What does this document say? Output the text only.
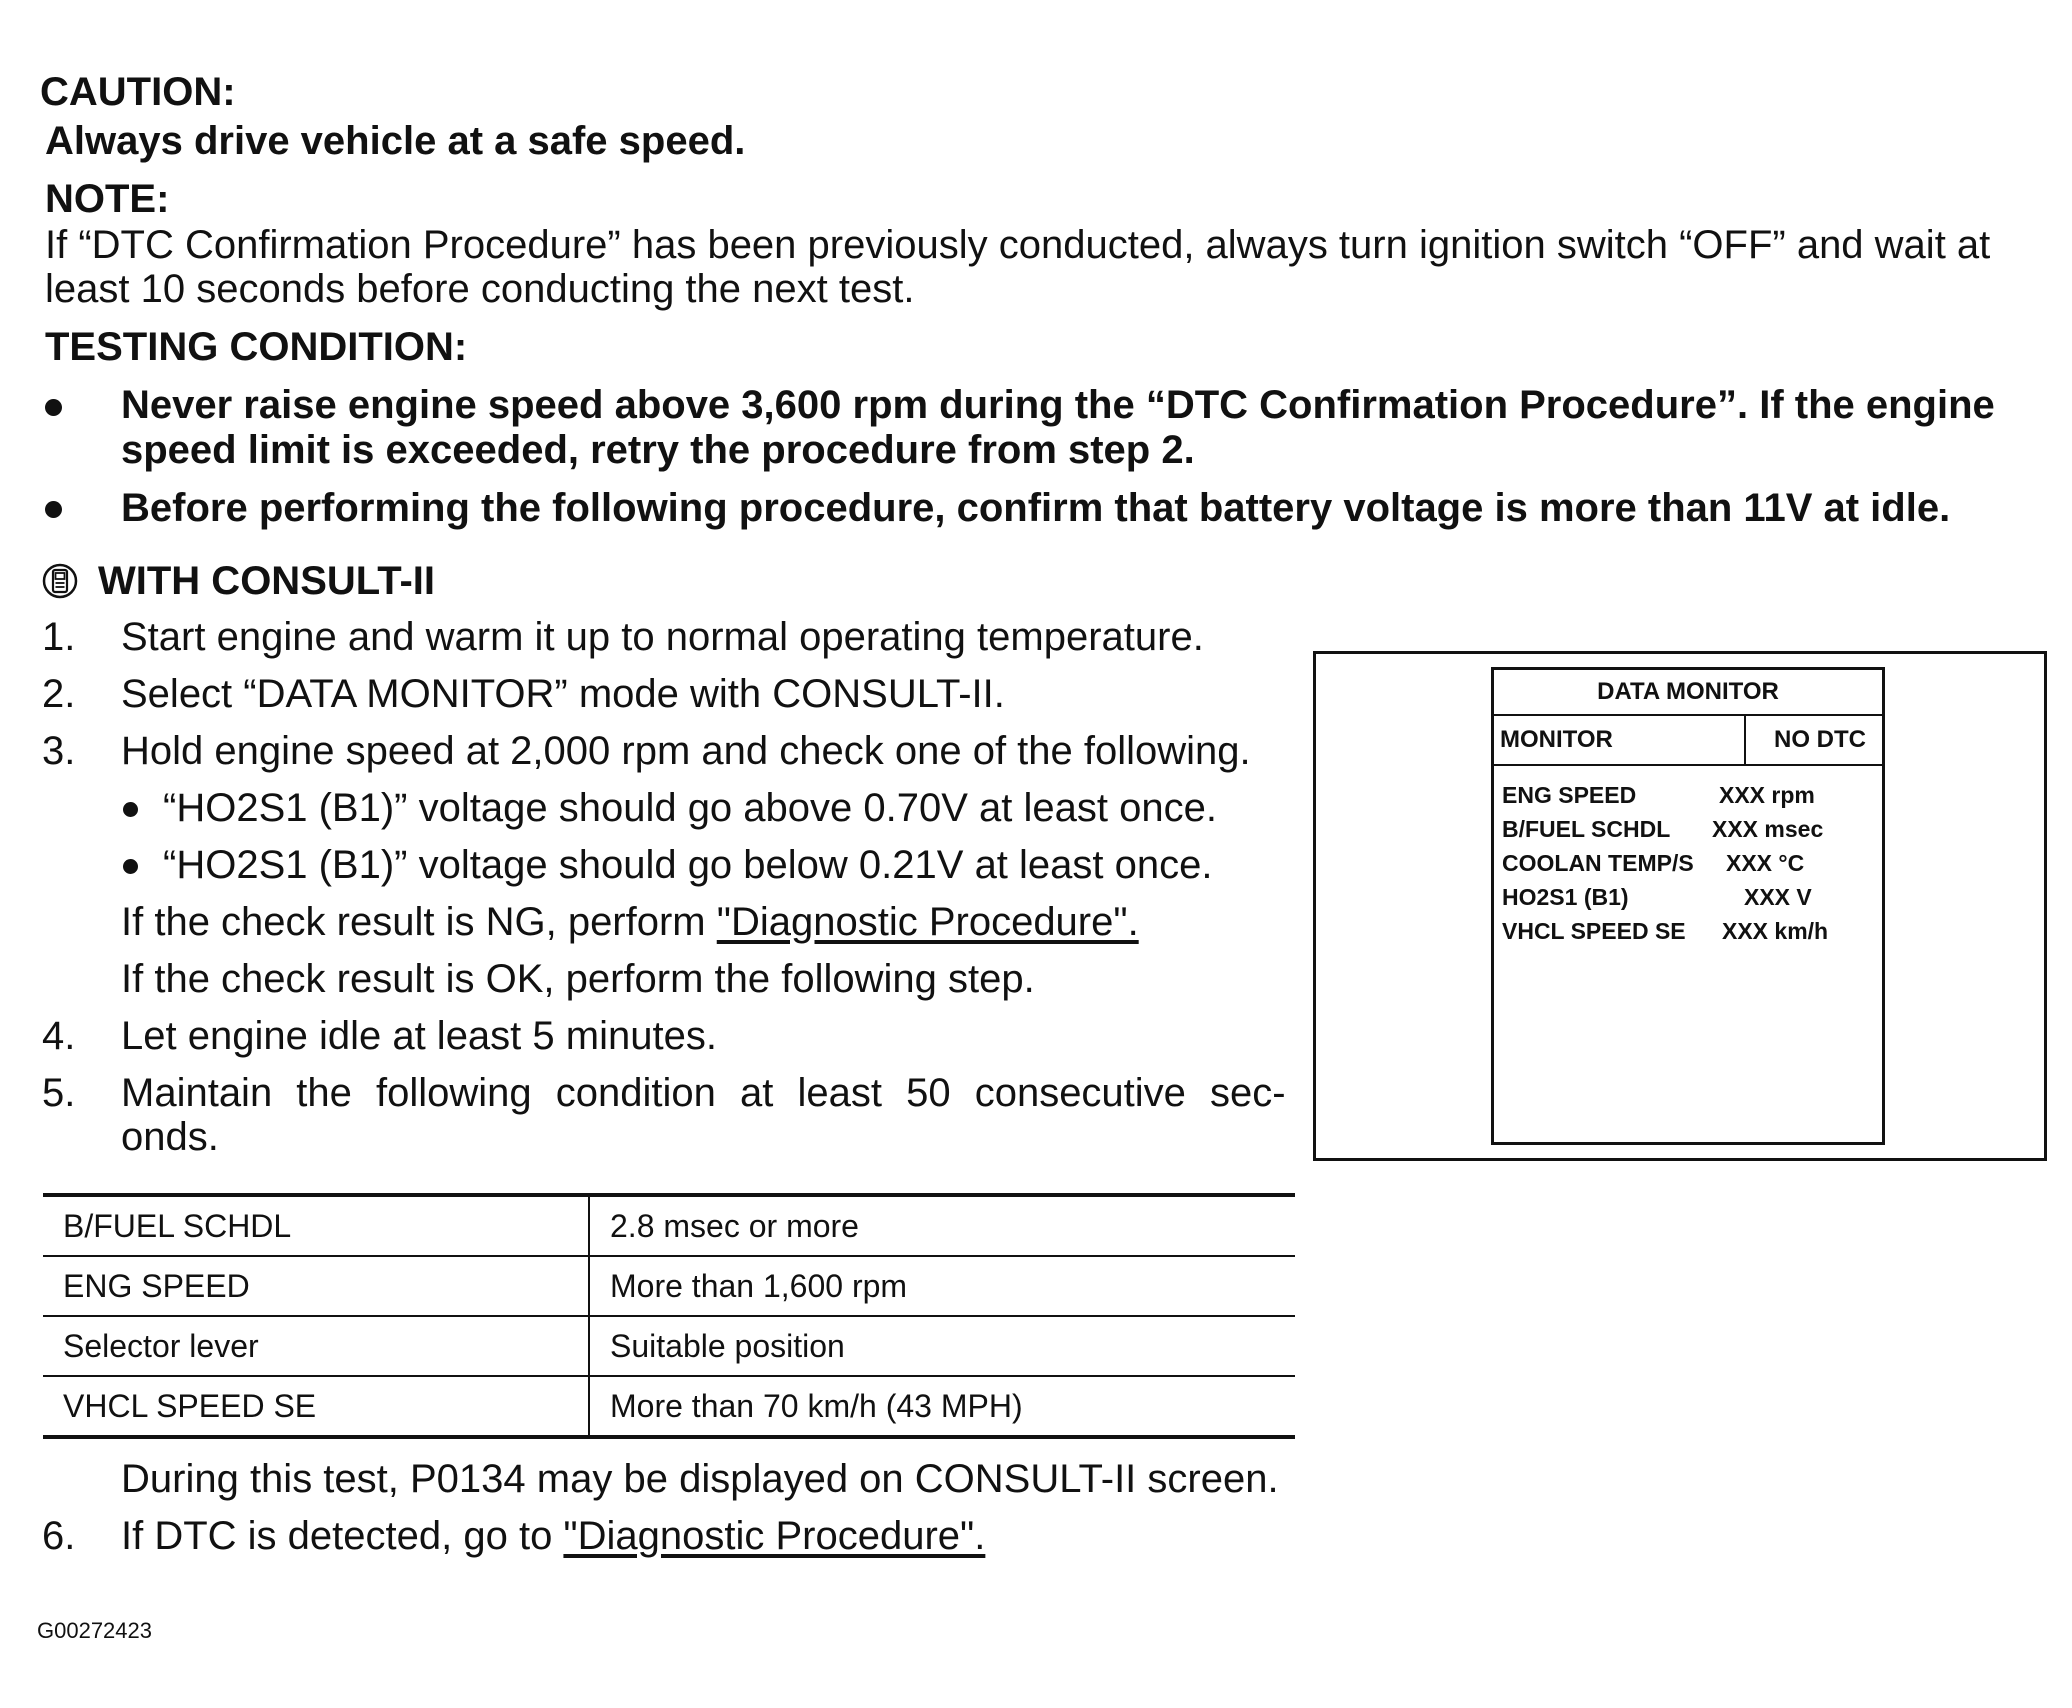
CAUTION:
Always drive vehicle at a safe speed.
NOTE:
If “DTC Confirmation Procedure” has been previously conducted, always turn ignition switch “OFF” and wait at
least 10 seconds before conducting the next test.
TESTING CONDITION:
Never raise engine speed above 3,600 rpm during the “DTC Confirmation Procedure”. If the engine
speed limit is exceeded, retry the procedure from step 2.
Before performing the following procedure, confirm that battery voltage is more than 11V at idle.
WITH CONSULT-II
1. Start engine and warm it up to normal operating temperature.
2. Select “DATA MONITOR” mode with CONSULT-II.
3. Hold engine speed at 2,000 rpm and check one of the following.
“HO2S1 (B1)” voltage should go above 0.70V at least once.
“HO2S1 (B1)” voltage should go below 0.21V at least once.
If the check result is NG, perform "Diagnostic Procedure".
If the check result is OK, perform the following step.
4. Let engine idle at least 5 minutes.
5. Maintain the following condition at least 50 consecutive sec-
onds.
B/FUEL SCHDL	2.8 msec or more
ENG SPEED	More than 1,600 rpm
Selector lever	Suitable position
VHCL SPEED SE	More than 70 km/h (43 MPH)
During this test, P0134 may be displayed on CONSULT-II screen.
6. If DTC is detected, go to "Diagnostic Procedure".
DATA MONITOR
MONITOR	NO DTC
ENG SPEED	XXX rpm
B/FUEL SCHDL XXX msec
COOLAN TEMP/S XXX °C
HO2S1 (B1)	XXX V
VHCL SPEED SE XXX km/h
G00272423
